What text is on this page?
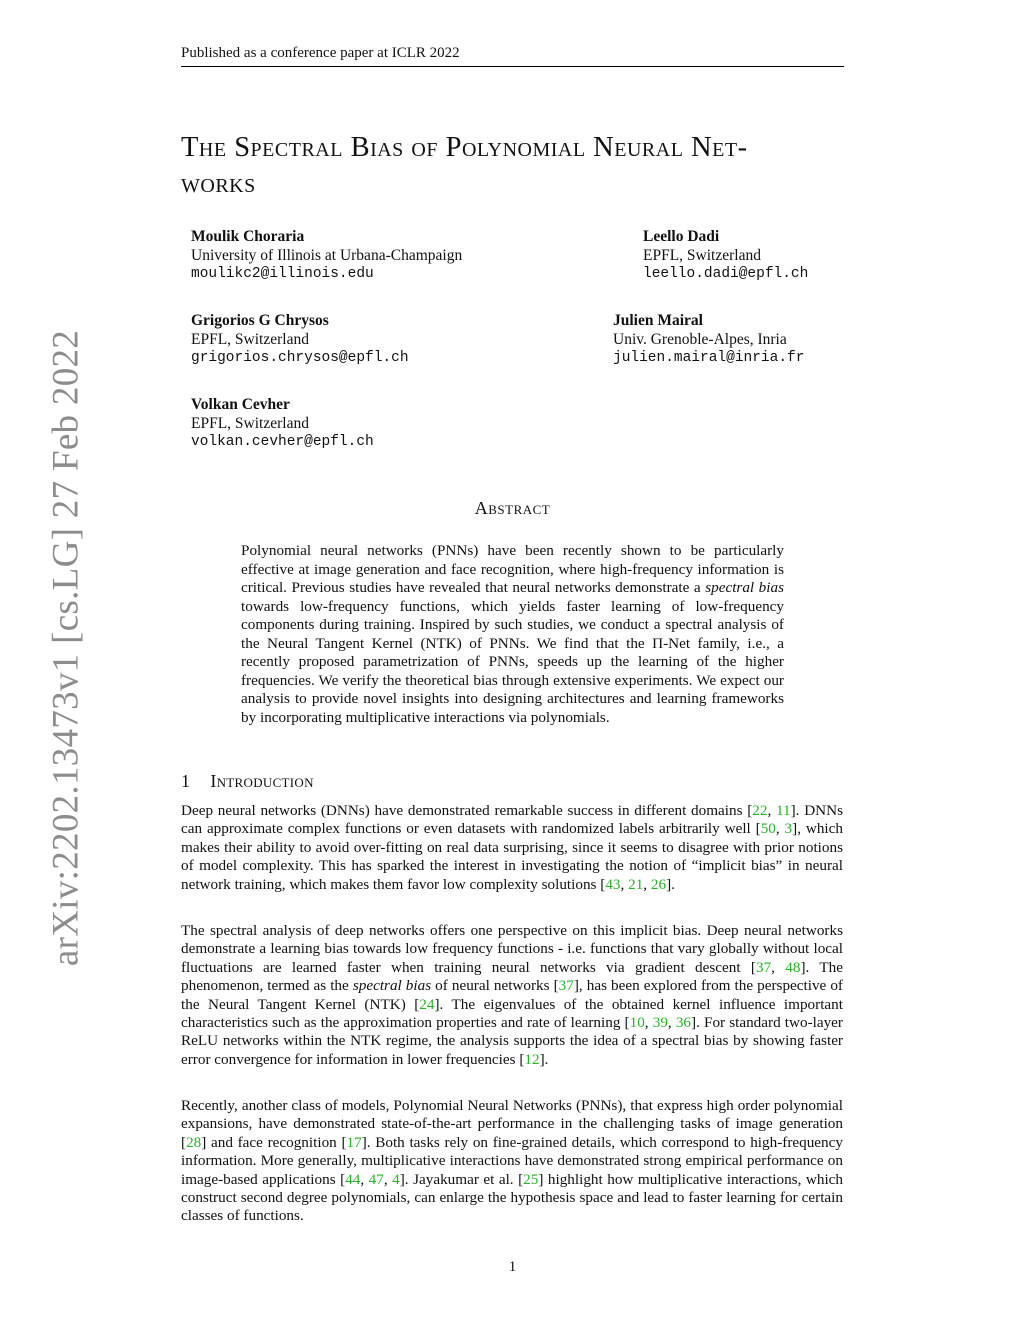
Published as a conference paper at ICLR 2022
arXiv:2202.13473v1 [cs.LG] 27 Feb 2022
The Spectral Bias of Polynomial Neural Net-
works
Moulik Choraria
University of Illinois at Urbana-Champaign
moulikc2@illinois.edu
Leello Dadi
EPFL, Switzerland
leello.dadi@epfl.ch
Grigorios G Chrysos
EPFL, Switzerland
grigorios.chrysos@epfl.ch
Julien Mairal
Univ. Grenoble-Alpes, Inria
julien.mairal@inria.fr
Volkan Cevher
EPFL, Switzerland
volkan.cevher@epfl.ch
Abstract
Polynomial neural networks (PNNs) have been recently shown to be particularly effective at image generation and face recognition, where high-frequency information is critical. Previous studies have revealed that neural networks demonstrate a spectral bias towards low-frequency functions, which yields faster learning of low-frequency components during training. Inspired by such studies, we conduct a spectral analysis of the Neural Tangent Kernel (NTK) of PNNs. We find that the Π-Net family, i.e., a recently proposed parametrization of PNNs, speeds up the learning of the higher frequencies. We verify the theoretical bias through extensive experiments. We expect our analysis to provide novel insights into designing architectures and learning frameworks by incorporating multiplicative interactions via polynomials.
1 Introduction

Deep neural networks (DNNs) have demonstrated remarkable success in different domains [22, 11]. DNNs can approximate complex functions or even datasets with randomized labels arbitrarily well [50, 3], which makes their ability to avoid over-fitting on real data surprising, since it seems to disagree with prior notions of model complexity. This has sparked the interest in investigating the notion of “implicit bias” in neural network training, which makes them favor low complexity solutions [43, 21, 26].

The spectral analysis of deep networks offers one perspective on this implicit bias. Deep neural networks demonstrate a learning bias towards low frequency functions - i.e. functions that vary globally without local fluctuations are learned faster when training neural networks via gradient descent [37, 48]. The phenomenon, termed as the spectral bias of neural networks [37], has been explored from the perspective of the Neural Tangent Kernel (NTK) [24]. The eigenvalues of the obtained kernel influence important characteristics such as the approximation properties and rate of learning [10, 39, 36]. For standard two-layer ReLU networks within the NTK regime, the analysis supports the idea of a spectral bias by showing faster error convergence for information in lower frequencies [12].

Recently, another class of models, Polynomial Neural Networks (PNNs), that express high order polynomial expansions, have demonstrated state-of-the-art performance in the challenging tasks of image generation [28] and face recognition [17]. Both tasks rely on fine-grained details, which correspond to high-frequency information. More generally, multiplicative interactions have demonstrated strong empirical performance on image-based applications [44, 47, 4]. Jayakumar et al. [25] highlight how multiplicative interactions, which construct second degree polynomials, can enlarge the hypothesis space and lead to faster learning for certain classes of functions.

1
